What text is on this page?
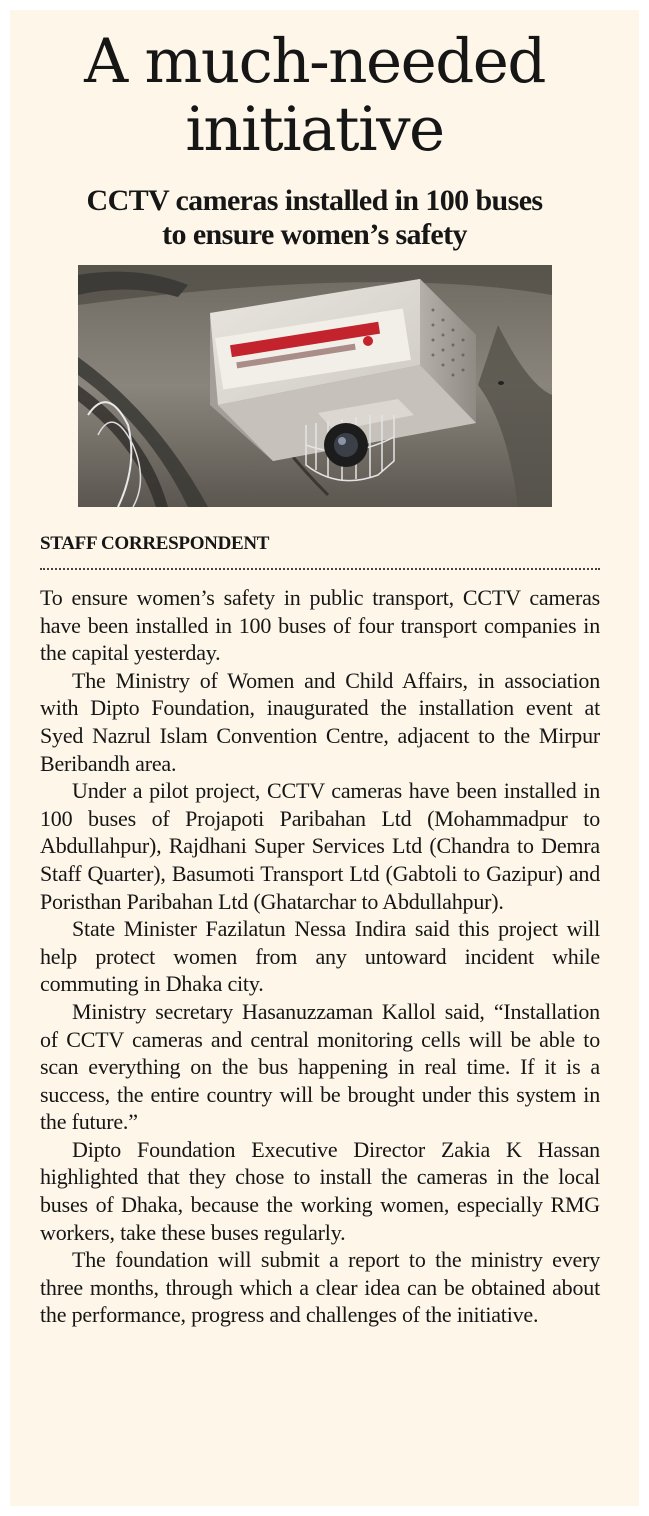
A much-needed
initiative
CCTV cameras installed in 100 buses
to ensure women’s safety
STAFF CORRESPONDENT

To ensure women’s safety in public transport, CCTV cameras have been installed in 100 buses of four transport companies in the capital yesterday.

The Ministry of Women and Child Affairs, in association with Dipto Foundation, inaugurated the installation event at Syed Nazrul Islam Convention Centre, adjacent to the Mirpur Beribandh area.

Under a pilot project, CCTV cameras have been installed in 100 buses of Projapoti Paribahan Ltd (Mohammadpur to Abdullahpur), Rajdhani Super Services Ltd (Chandra to Demra Staff Quarter), Basumoti Transport Ltd (Gabtoli to Gazipur) and Poristhan Paribahan Ltd (Ghatarchar to Abdullahpur).

State Minister Fazilatun Nessa Indira said this project will help protect women from any untoward incident while commuting in Dhaka city.

Ministry secretary Hasanuzzaman Kallol said, “Installation of CCTV cameras and central monitoring cells will be able to scan everything on the bus happening in real time. If it is a success, the entire country will be brought under this system in the future.”

Dipto Foundation Executive Director Zakia K Hassan highlighted that they chose to install the cameras in the local buses of Dhaka, because the working women, especially RMG workers, take these buses regularly.

The foundation will submit a report to the ministry every three months, through which a clear idea can be obtained about the performance, progress and challenges of the initiative.
